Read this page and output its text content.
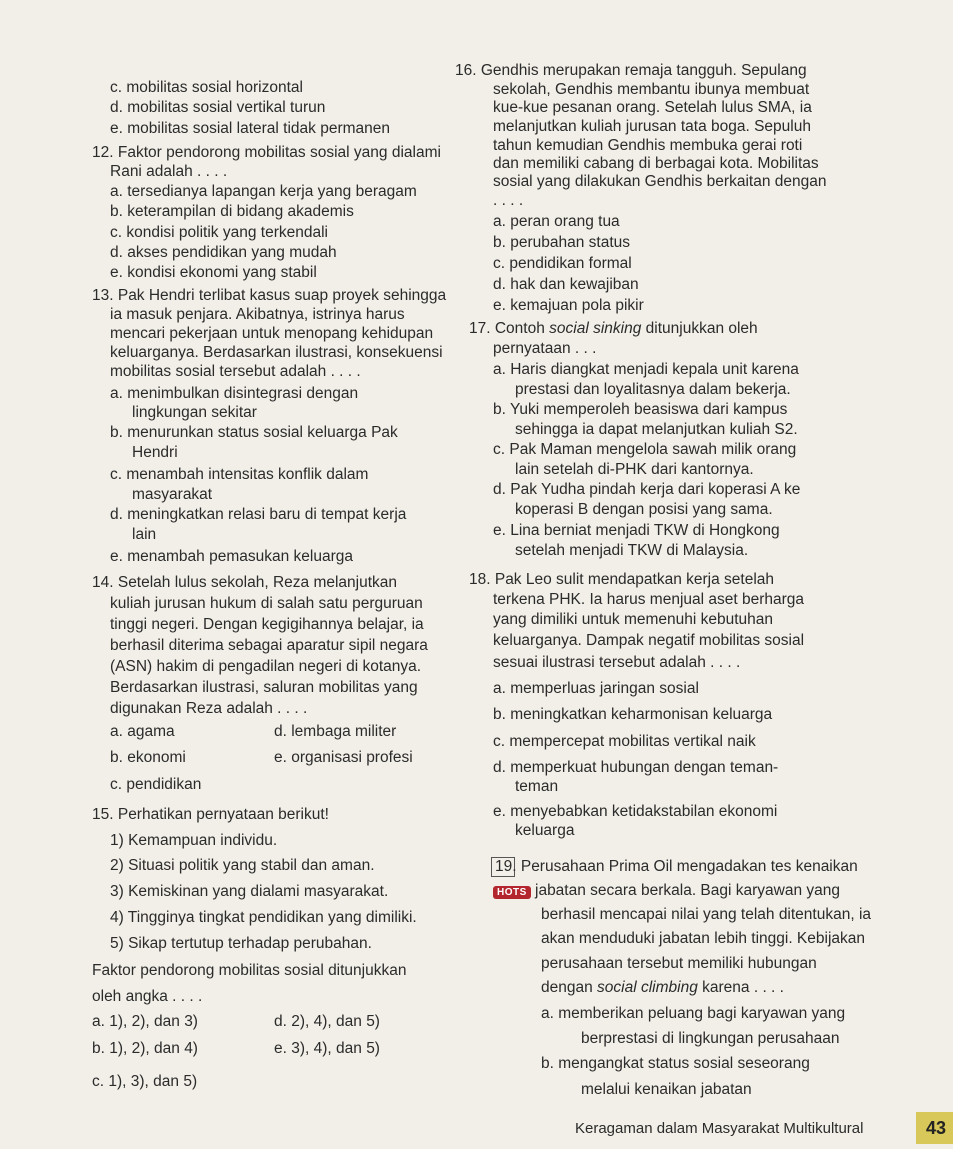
c. mobilitas sosial horizontal
d. mobilitas sosial vertikal turun
e. mobilitas sosial lateral tidak permanen
12. Faktor pendorong mobilitas sosial yang dialami
Rani adalah . . . .
a. tersedianya lapangan kerja yang beragam
b. keterampilan di bidang akademis
c. kondisi politik yang terkendali
d. akses pendidikan yang mudah
e. kondisi ekonomi yang stabil
13. Pak Hendri terlibat kasus suap proyek sehingga
ia masuk penjara. Akibatnya, istrinya harus
mencari pekerjaan untuk menopang kehidupan
keluarganya. Berdasarkan ilustrasi, konsekuensi
mobilitas sosial tersebut adalah . . . .
a. menimbulkan disintegrasi dengan
lingkungan sekitar
b. menurunkan status sosial keluarga Pak
Hendri
c. menambah intensitas konflik dalam
masyarakat
d. meningkatkan relasi baru di tempat kerja
lain
e. menambah pemasukan keluarga
14. Setelah lulus sekolah, Reza melanjutkan
kuliah jurusan hukum di salah satu perguruan
tinggi negeri. Dengan kegigihannya belajar, ia
berhasil diterima sebagai aparatur sipil negara
(ASN) hakim di pengadilan negeri di kotanya.
Berdasarkan ilustrasi, saluran mobilitas yang
digunakan Reza adalah . . . .
a. agama	d. lembaga militer
b. ekonomi	e. organisasi profesi
c. pendidikan
15. Perhatikan pernyataan berikut!
1) Kemampuan individu.
2) Situasi politik yang stabil dan aman.
3) Kemiskinan yang dialami masyarakat.
4) Tingginya tingkat pendidikan yang dimiliki.
5) Sikap tertutup terhadap perubahan.
Faktor pendorong mobilitas sosial ditunjukkan
oleh angka . . . .
a. 1), 2), dan 3)	d. 2), 4), dan 5)
b. 1), 2), dan 4)	e. 3), 4), dan 5)
c. 1), 3), dan 5)
16. Gendhis merupakan remaja tangguh. Sepulang
sekolah, Gendhis membantu ibunya membuat
kue-kue pesanan orang. Setelah lulus SMA, ia
melanjutkan kuliah jurusan tata boga. Sepuluh
tahun kemudian Gendhis membuka gerai roti
dan memiliki cabang di berbagai kota. Mobilitas
sosial yang dilakukan Gendhis berkaitan dengan
. . . .
a. peran orang tua
b. perubahan status
c. pendidikan formal
d. hak dan kewajiban
e. kemajuan pola pikir
17. Contoh social sinking ditunjukkan oleh
pernyataan . . .
a. Haris diangkat menjadi kepala unit karena
prestasi dan loyalitasnya dalam bekerja.
b. Yuki memperoleh beasiswa dari kampus
sehingga ia dapat melanjutkan kuliah S2.
c. Pak Maman mengelola sawah milik orang
lain setelah di-PHK dari kantornya.
d. Pak Yudha pindah kerja dari koperasi A ke
koperasi B dengan posisi yang sama.
e. Lina berniat menjadi TKW di Hongkong
setelah menjadi TKW di Malaysia.
18. Pak Leo sulit mendapatkan kerja setelah
terkena PHK. Ia harus menjual aset berharga
yang dimiliki untuk memenuhi kebutuhan
keluarganya. Dampak negatif mobilitas sosial
sesuai ilustrasi tersebut adalah . . . .
a. memperluas jaringan sosial
b. meningkatkan keharmonisan keluarga
c. mempercepat mobilitas vertikal naik
d. memperkuat hubungan dengan teman-
teman
e. menyebabkan ketidakstabilan ekonomi
keluarga
19. Perusahaan Prima Oil mengadakan tes kenaikan
HOTS jabatan secara berkala. Bagi karyawan yang
berhasil mencapai nilai yang telah ditentukan, ia
akan menduduki jabatan lebih tinggi. Kebijakan
perusahaan tersebut memiliki hubungan
dengan social climbing karena . . . .
a. memberikan peluang bagi karyawan yang
berprestasi di lingkungan perusahaan
b. mengangkat status sosial seseorang
melalui kenaikan jabatan
Keragaman dalam Masyarakat Multikultural	43
